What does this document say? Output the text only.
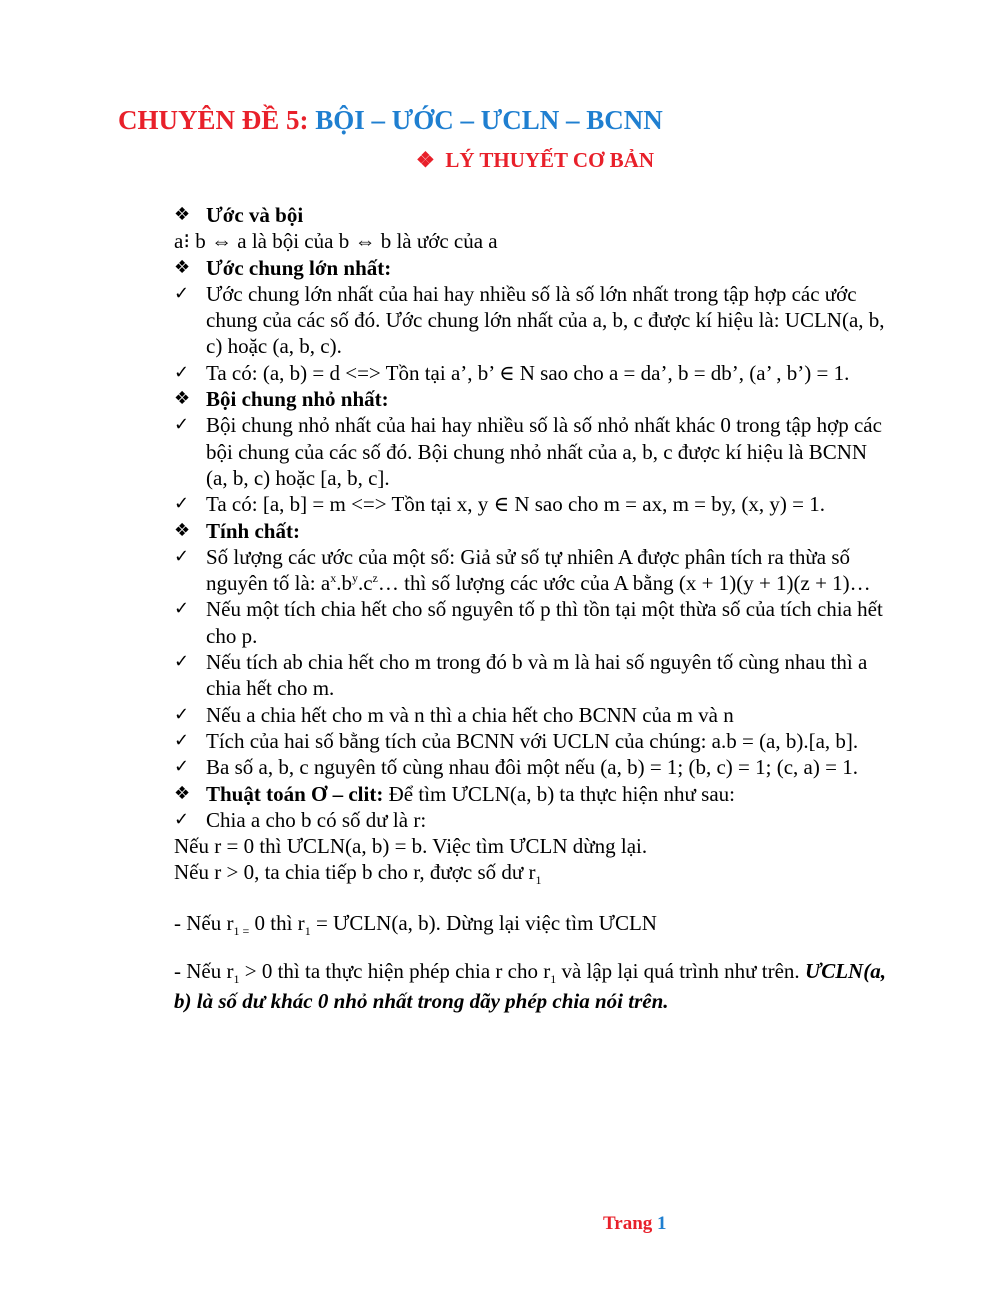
CHUYÊN ĐỀ 5: BỘI – ƯỚC – ƯCLN – BCNN
❖ LÝ THUYẾT CƠ BẢN
❖ Ước và bội
a⁝ b ⇔ a là bội của b ⇔ b là ước của a
❖ Ước chung lớn nhất:
✓ Ước chung lớn nhất của hai hay nhiều số là số lớn nhất trong tập hợp các ước chung của các số đó. Ước chung lớn nhất của a, b, c được kí hiệu là: UCLN(a, b, c) hoặc (a, b, c).
✓ Ta có: (a, b) = d <=> Tồn tại a’, b’ ∈ N sao cho a = da’, b = db’, (a’ , b’) = 1.
❖ Bội chung nhỏ nhất:
✓ Bội chung nhỏ nhất của hai hay nhiều số là số nhỏ nhất khác 0 trong tập hợp các bội chung của các số đó. Bội chung nhỏ nhất của a, b, c được kí hiệu là BCNN (a, b, c) hoặc [a, b, c].
✓ Ta có: [a, b] = m <=> Tồn tại x, y ∈ N sao cho m = ax, m = by, (x, y) = 1.
❖ Tính chất:
✓ Số lượng các ước của một số: Giả sử số tự nhiên A được phân tích ra thừa số nguyên tố là: $a^x.b^y.c^z\dots$ thì số lượng các ước của A bằng (x + 1)(y + 1)(z + 1)…
✓ Nếu một tích chia hết cho số nguyên tố p thì tồn tại một thừa số của tích chia hết cho p.
✓ Nếu tích ab chia hết cho m trong đó b và m là hai số nguyên tố cùng nhau thì a chia hết cho m.
✓ Nếu a chia hết cho m và n thì a chia hết cho BCNN của m và n
✓ Tích của hai số bằng tích của BCNN với UCLN của chúng: a.b = (a, b).[a, b].
✓ Ba số a, b, c nguyên tố cùng nhau đôi một nếu (a, b) = 1; (b, c) = 1; (c, a) = 1.
❖ Thuật toán Ơ – clit: Để tìm ƯCLN(a, b) ta thực hiện như sau:
✓ Chia a cho b có số dư là r:
Nếu r = 0 thì ƯCLN(a, b) = b. Việc tìm ƯCLN dừng lại.
Nếu r > 0, ta chia tiếp b cho r, được số dư $r_1$
- Nếu $r_{1 =}$ 0 thì $r_1$ = ƯCLN(a, b). Dừng lại việc tìm ƯCLN
- Nếu $r_1 > 0$ thì ta thực hiện phép chia r cho $r_1$ và lập lại quá trình như trên. ƯCLN(a, b) là số dư khác 0 nhỏ nhất trong dãy phép chia nói trên.
Trang 1
